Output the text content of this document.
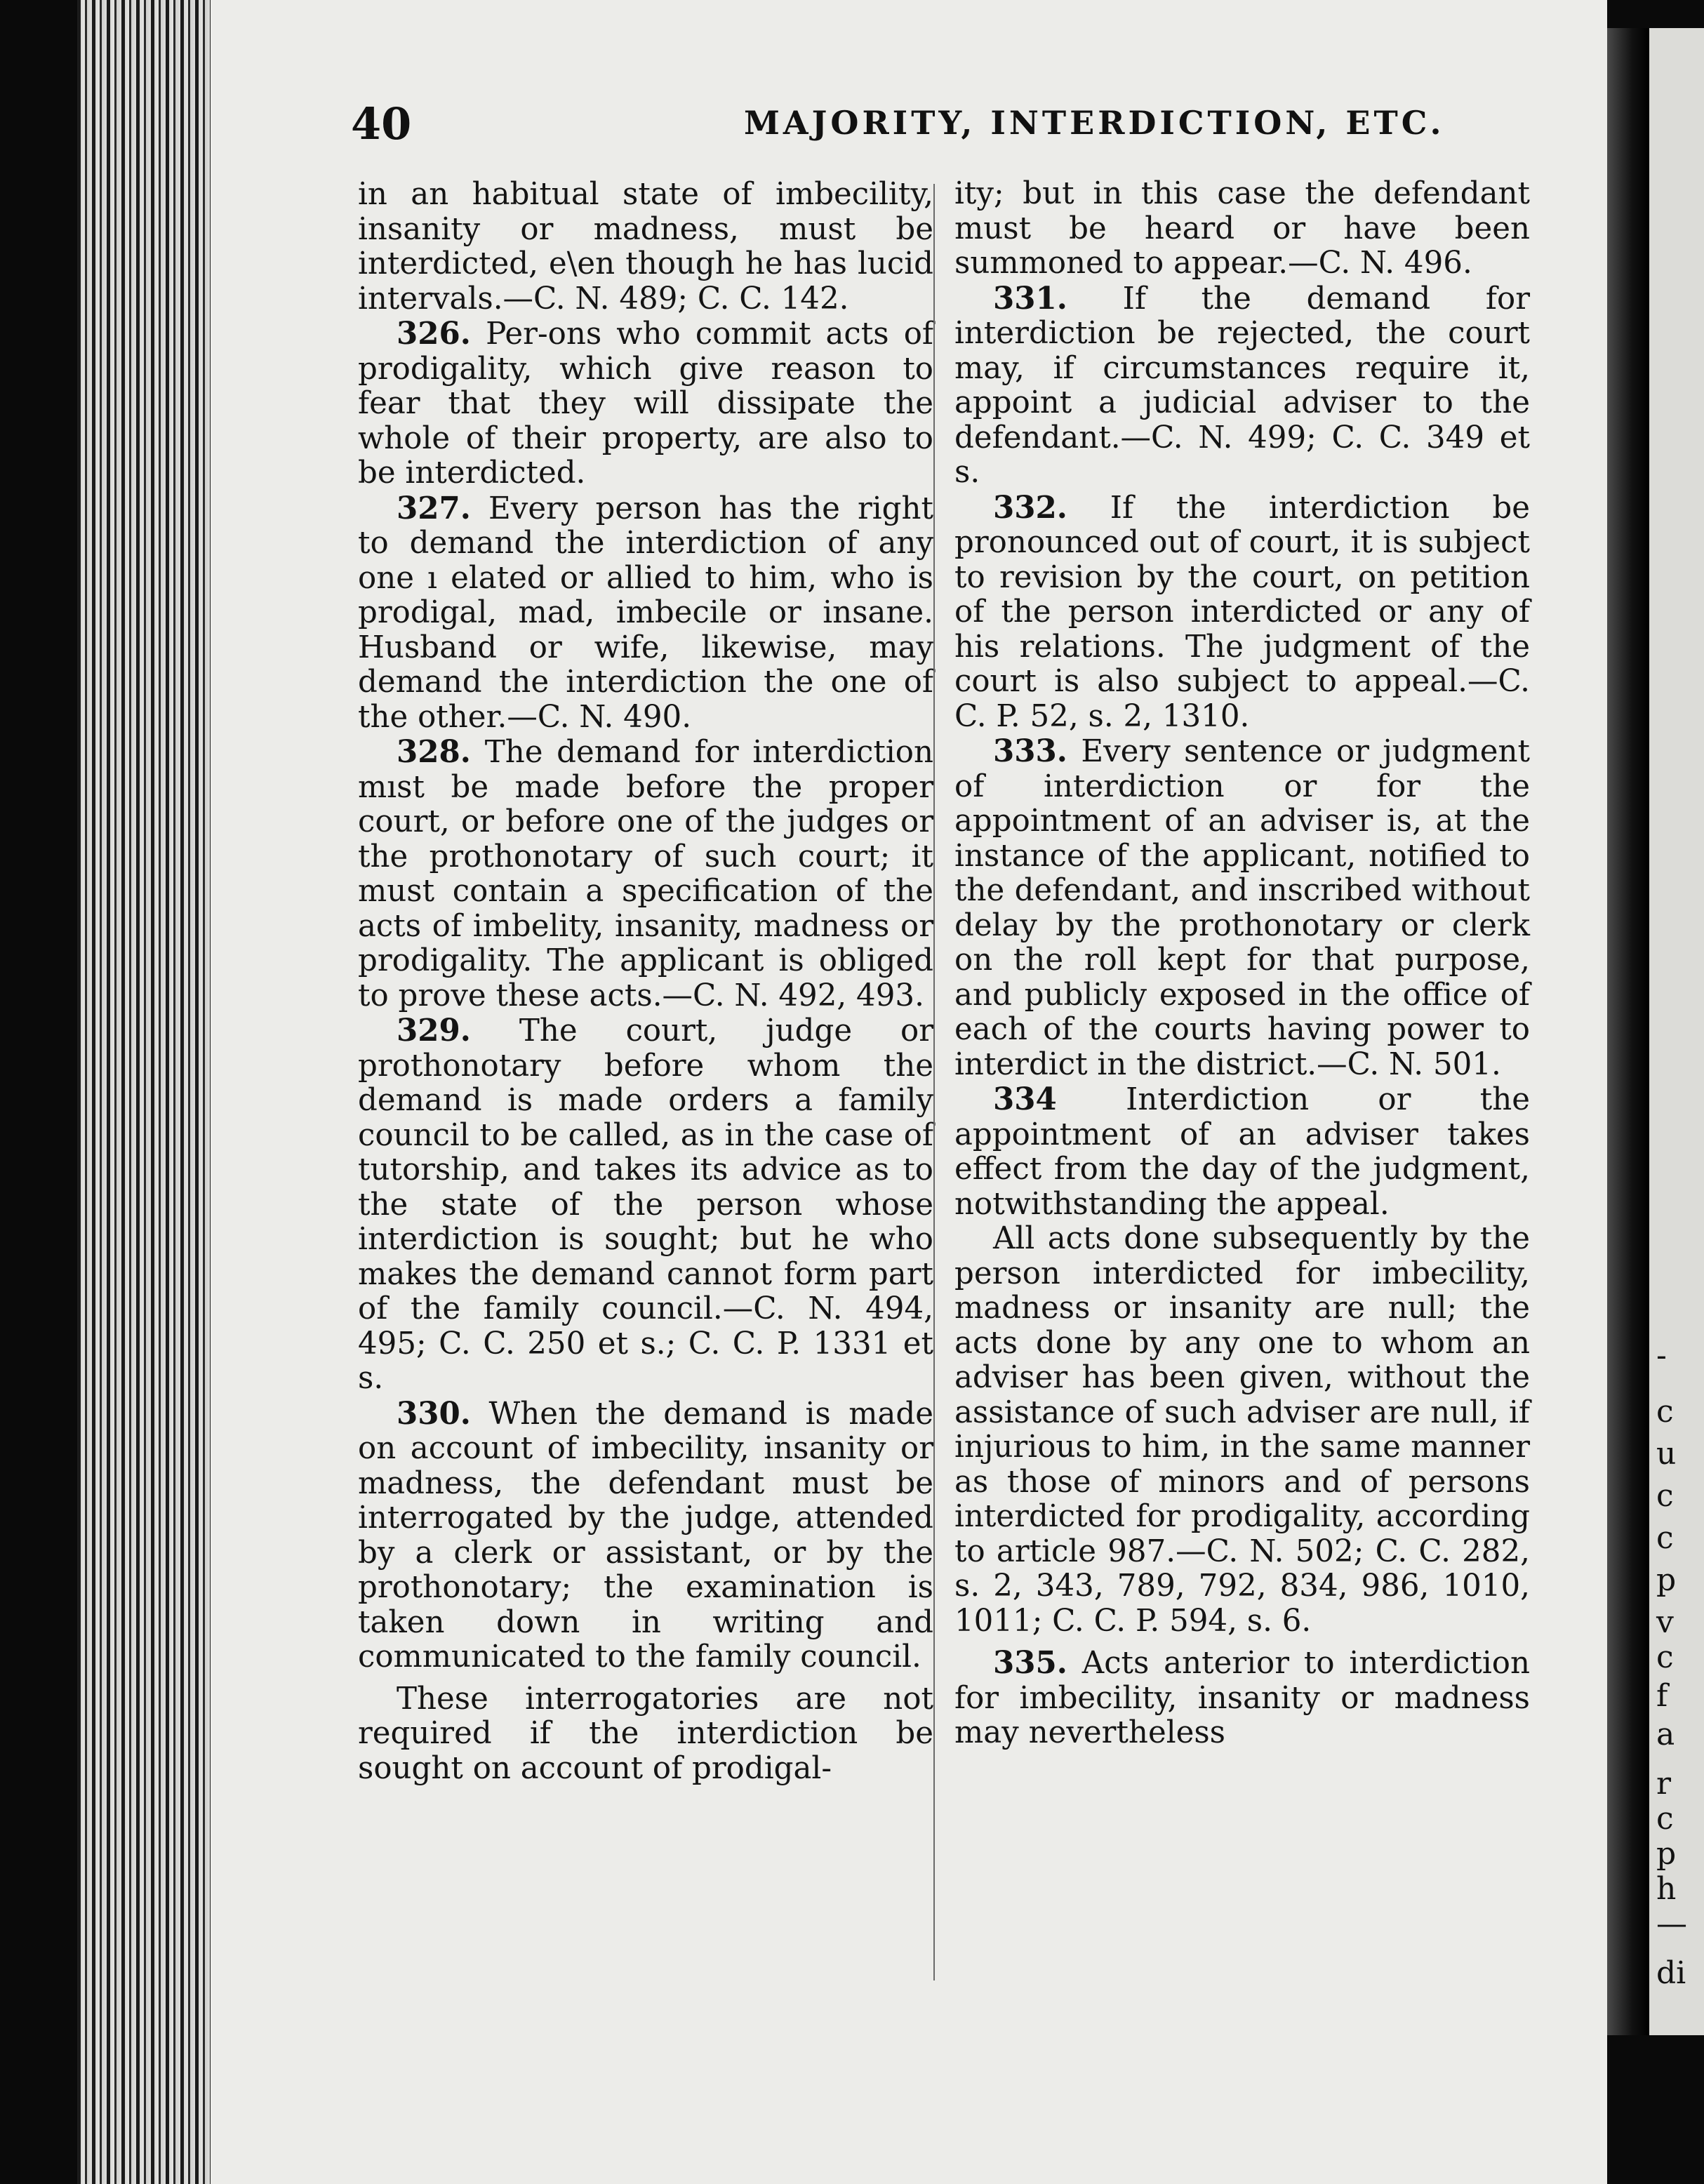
40	MAJORITY, INTERDICTION, ETC.

in an habitual state of imbecility, insanity or madness, must be interdicted, e\en though he has lucid intervals.—C. N. 489; C. C. 142.

326. Per-ons who commit acts of prodigality, which give reason to fear that they will dissipate the whole of their property, are also to be interdicted.

327. Every person has the right to demand the interdiction of any one ı elated or allied to him, who is prodigal, mad, imbecile or insane. Husband or wife, likewise, may demand the interdiction the one of the other.—C. N. 490.

328. The demand for interdiction mıst be made before the proper court, or before one of the judges or the prothonotary of such court; it must contain a specification of the acts of imbelity, insanity, madness or prodigality. The applicant is obliged to prove these acts.—C. N. 492, 493.

329. The court, judge or prothonotary before whom the demand is made orders a family council to be called, as in the case of tutorship, and takes its advice as to the state of the person whose interdiction is sought; but he who makes the demand cannot form part of the family council.—C. N. 494, 495; C. C. 250 et s.; C. C. P. 1331 et s.

330. When the demand is made on account of imbecility, insanity or madness, the defendant must be interrogated by the judge, attended by a clerk or assistant, or by the prothonotary; the examination is taken down in writing and communicated to the family council.

These interrogatories are not required if the interdiction be sought on account of prodigal-

ity; but in this case the defendant must be heard or have been summoned to appear.—C. N. 496.

331. If the demand for interdiction be rejected, the court may, if circumstances require it, appoint a judicial adviser to the defendant.—C. N. 499; C. C. 349 et s.

332. If the interdiction be pronounced out of court, it is subject to revision by the court, on petition of the person interdicted or any of his relations. The judgment of the court is also subject to appeal.—C. C. P. 52, s. 2, 1310.

333. Every sentence or judgment of interdiction or for the appointment of an adviser is, at the instance of the applicant, notified to the defendant, and inscribed without delay by the prothonotary or clerk on the roll kept for that purpose, and publicly exposed in the office of each of the courts having power to interdict in the district.—C. N. 501.

334 Interdiction or the appointment of an adviser takes effect from the day of the judgment, notwithstanding the appeal.

All acts done subsequently by the person interdicted for imbecility, madness or insanity are null; the acts done by any one to whom an adviser has been given, without the assistance of such adviser are null, if injurious to him, in the same manner as those of minors and of persons interdicted for prodigality, according to article 987.—C. N. 502; C. C. 282, s. 2, 343, 789, 792, 834, 986, 1010, 1011; C. C. P. 594, s. 6.

335. Acts anterior to interdiction for imbecility, insanity or madness may nevertheless

-
c
u
c
c
p
v
c
f
a
r
c
p
h
—
di
